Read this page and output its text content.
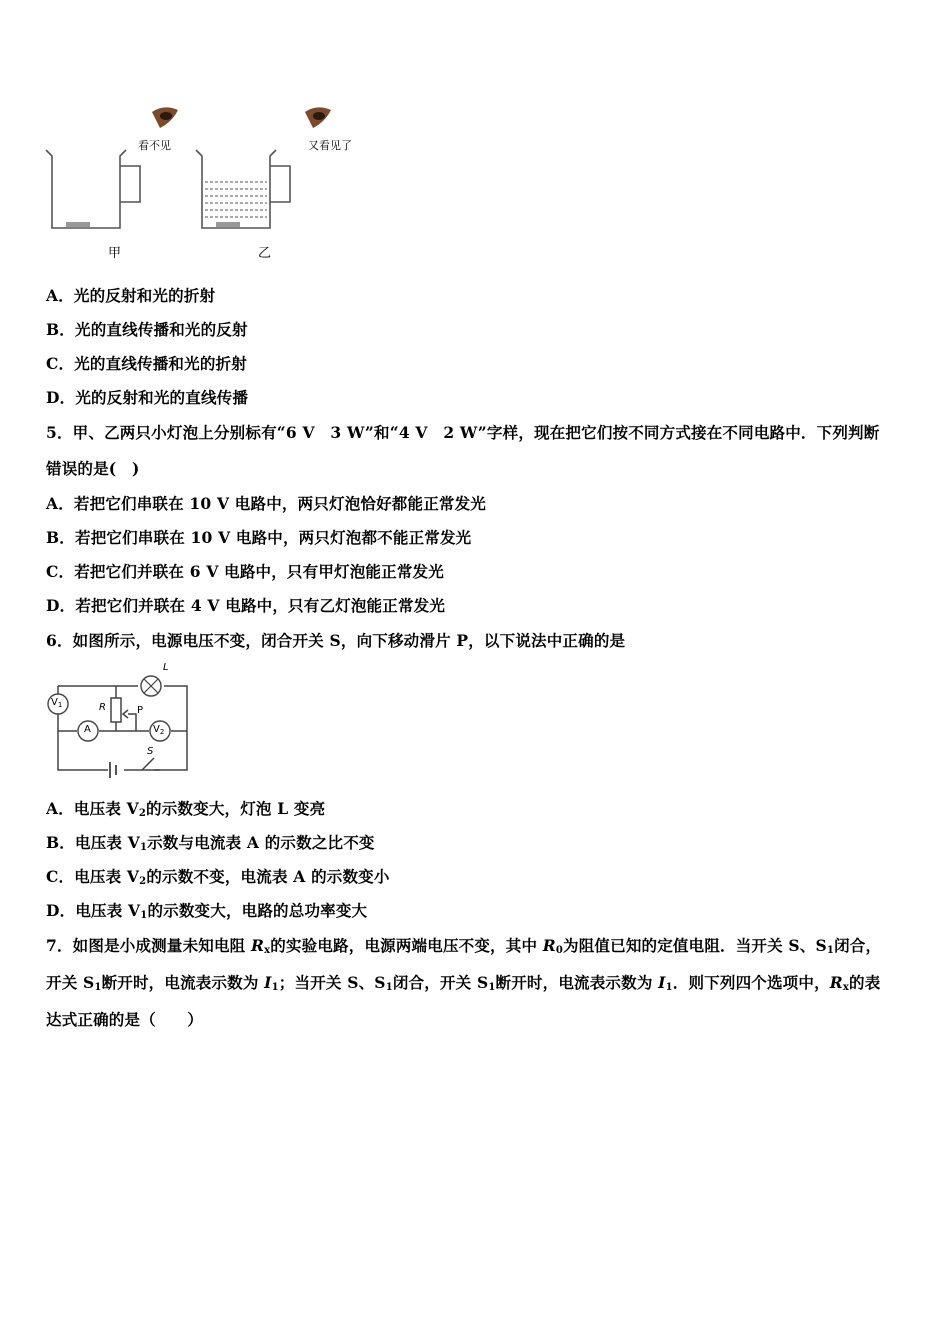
看不见	又看见了
甲	乙
A．光的反射和光的折射
B．光的直线传播和光的反射
C．光的直线传播和光的折射
D．光的反射和光的直线传播
5．甲、乙两只小灯泡上分别标有“6 V　3 W”和“4 V　2 W”字样，现在把它们按不同方式接在不同电路中．下列判断
错误的是(　)
A．若把它们串联在 10 V 电路中，两只灯泡恰好都能正常发光
B．若把它们串联在 10 V 电路中，两只灯泡都不能正常发光
C．若把它们并联在 6 V 电路中，只有甲灯泡能正常发光
D．若把它们并联在 4 V 电路中，只有乙灯泡能正常发光
6．如图所示，电源电压不变，闭合开关 S，向下移动滑片 P，以下说法中正确的是
$V_1$
A	$V_2$
L
R	P
S
A．电压表 $V_2$的示数变大，灯泡 L 变亮
B．电压表 $V_1$示数与电流表 A 的示数之比不变
C．电压表 $V_2$的示数不变，电流表 A 的示数变小
D．电压表 $V_1$的示数变大，电路的总功率变大
7．如图是小成测量未知电阻 $R_x$的实验电路，电源两端电压不变，其中 $R_0$为阻值已知的定值电阻．当开关 S、$S_1$闭合，
开关 $S_1$断开时，电流表示数为 $I_1$；当开关 S、$S_1$闭合，开关 $S_1$断开时，电流表示数为 $I_1$．则下列四个选项中，$R_x$的表
达式正确的是（　　）
